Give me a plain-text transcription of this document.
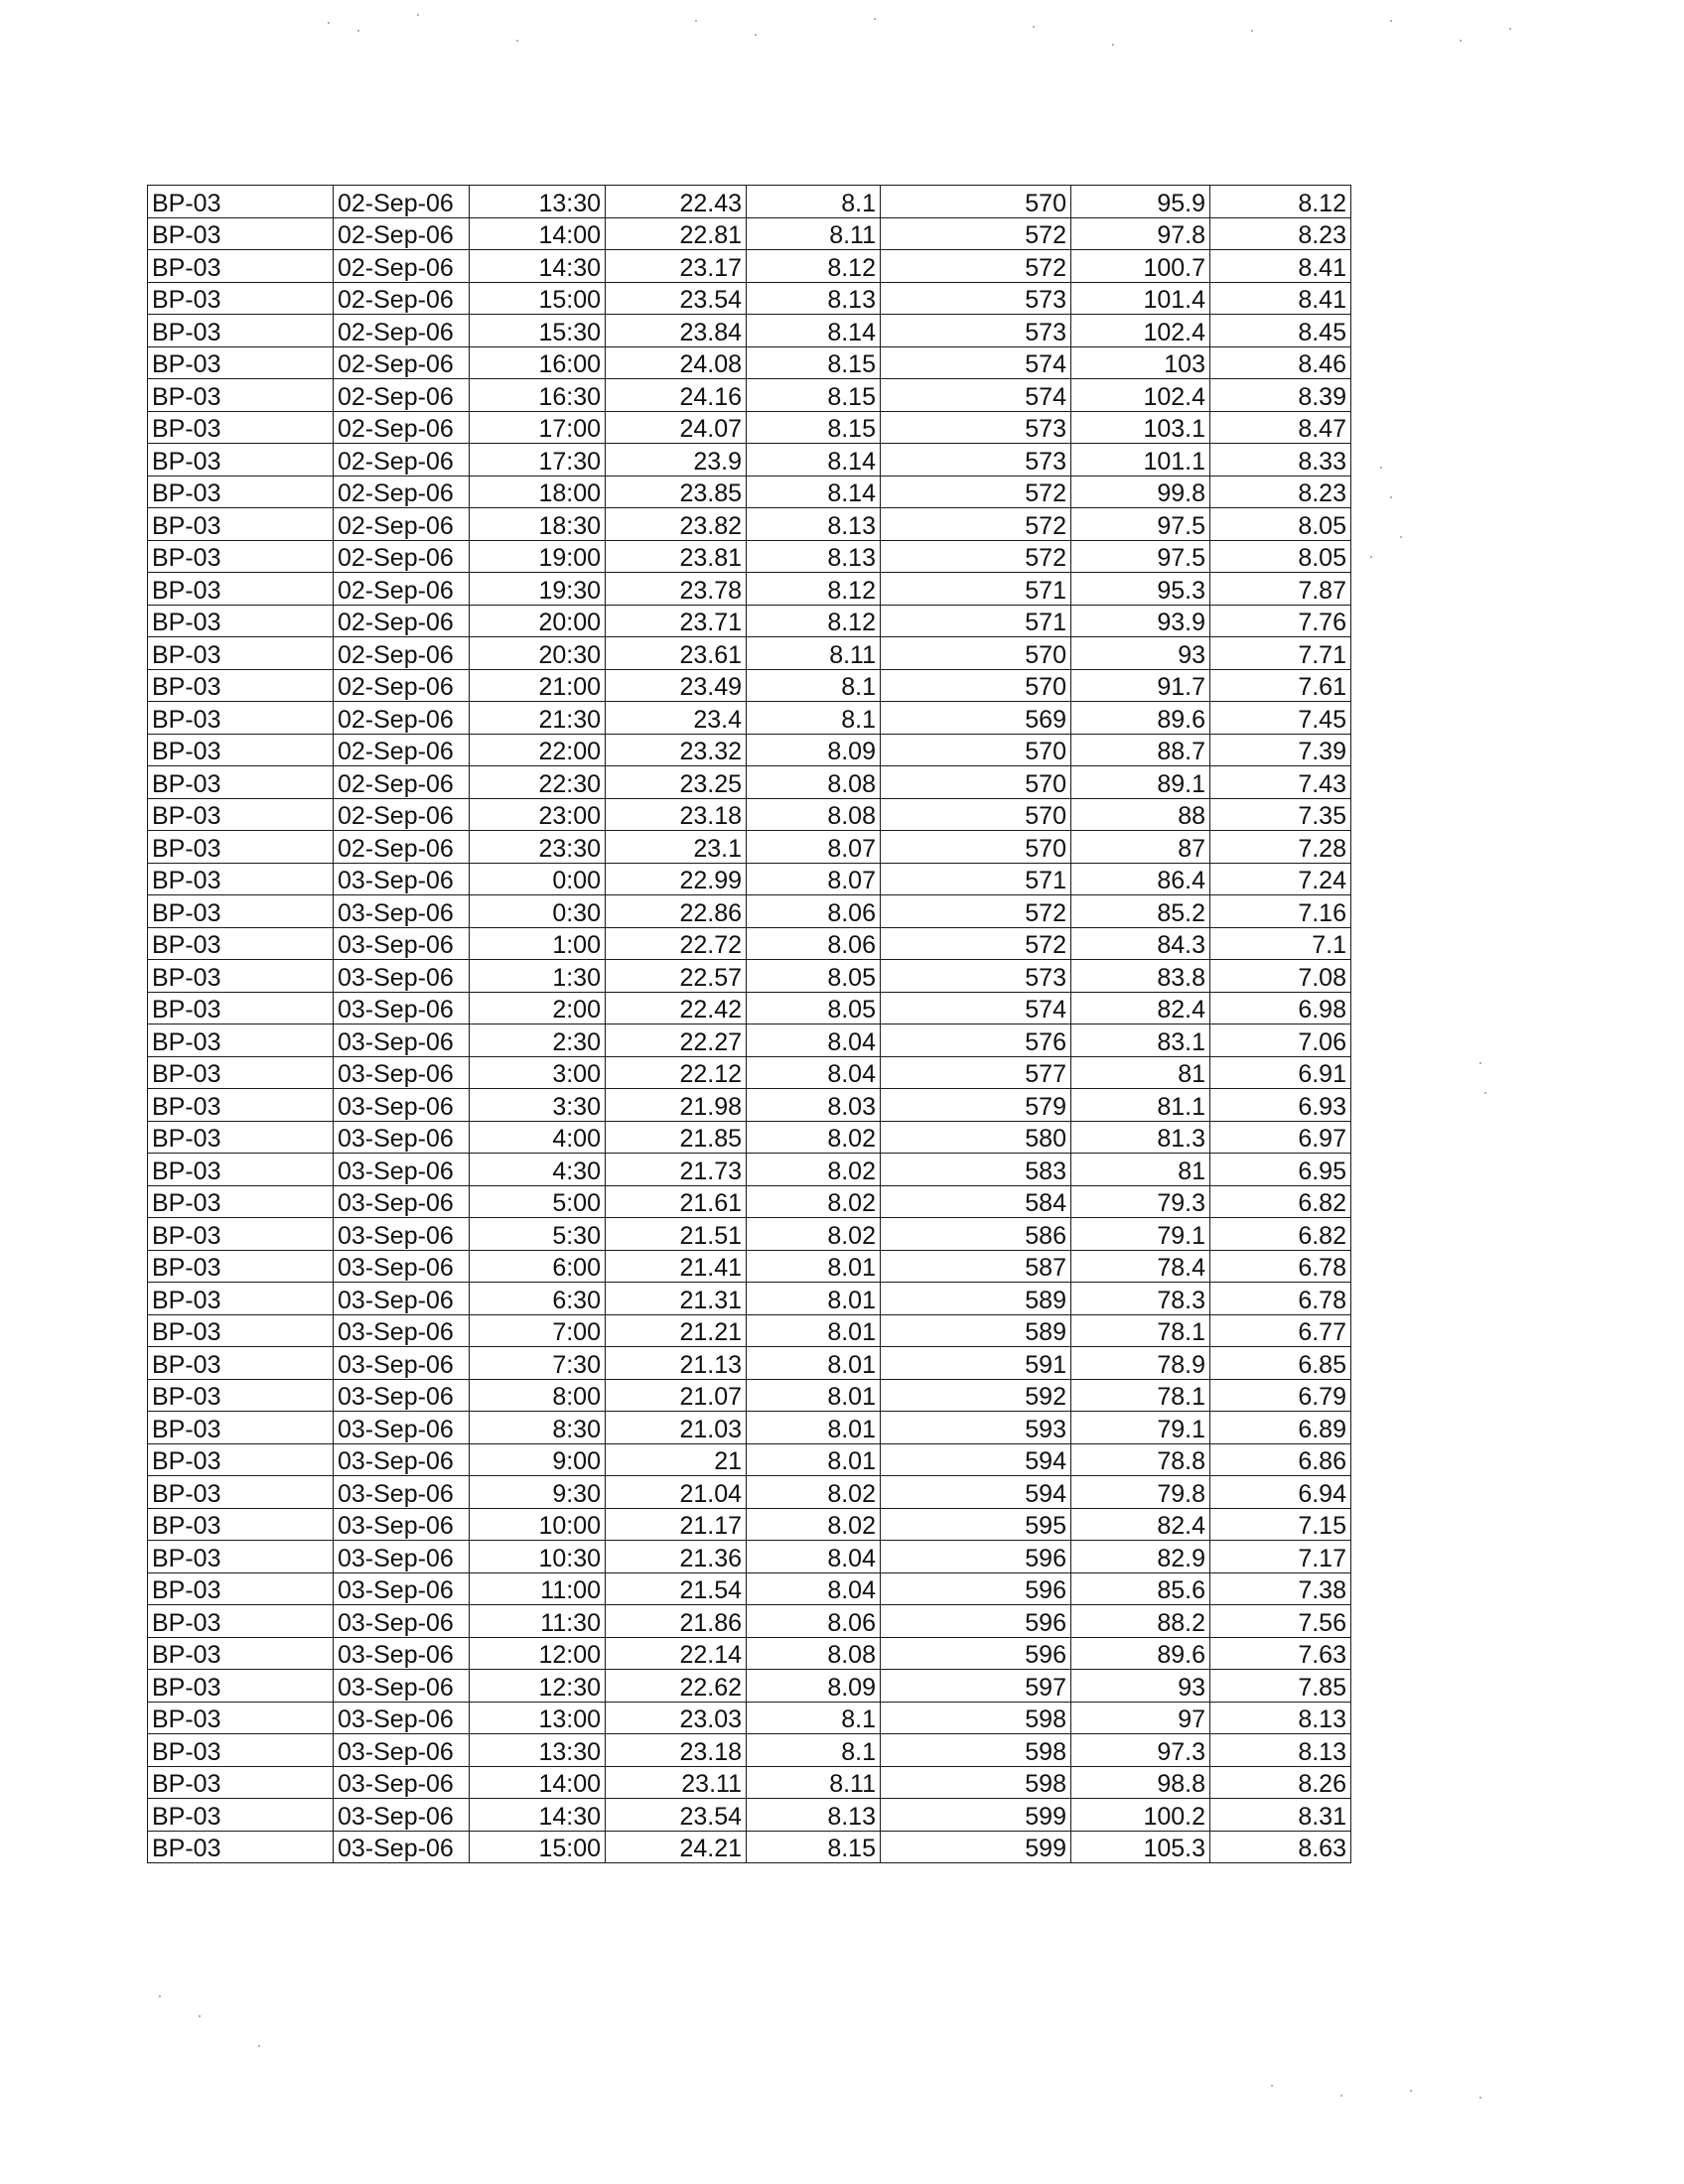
BP-03	02-Sep-06	13:30	22.43	8.1	570	95.9	8.12
BP-03	02-Sep-06	14:00	22.81	8.11	572	97.8	8.23
BP-03	02-Sep-06	14:30	23.17	8.12	572	100.7	8.41
BP-03	02-Sep-06	15:00	23.54	8.13	573	101.4	8.41
BP-03	02-Sep-06	15:30	23.84	8.14	573	102.4	8.45
BP-03	02-Sep-06	16:00	24.08	8.15	574	103	8.46
BP-03	02-Sep-06	16:30	24.16	8.15	574	102.4	8.39
BP-03	02-Sep-06	17:00	24.07	8.15	573	103.1	8.47
BP-03	02-Sep-06	17:30	23.9	8.14	573	101.1	8.33
BP-03	02-Sep-06	18:00	23.85	8.14	572	99.8	8.23
BP-03	02-Sep-06	18:30	23.82	8.13	572	97.5	8.05
BP-03	02-Sep-06	19:00	23.81	8.13	572	97.5	8.05
BP-03	02-Sep-06	19:30	23.78	8.12	571	95.3	7.87
BP-03	02-Sep-06	20:00	23.71	8.12	571	93.9	7.76
BP-03	02-Sep-06	20:30	23.61	8.11	570	93	7.71
BP-03	02-Sep-06	21:00	23.49	8.1	570	91.7	7.61
BP-03	02-Sep-06	21:30	23.4	8.1	569	89.6	7.45
BP-03	02-Sep-06	22:00	23.32	8.09	570	88.7	7.39
BP-03	02-Sep-06	22:30	23.25	8.08	570	89.1	7.43
BP-03	02-Sep-06	23:00	23.18	8.08	570	88	7.35
BP-03	02-Sep-06	23:30	23.1	8.07	570	87	7.28
BP-03	03-Sep-06	0:00	22.99	8.07	571	86.4	7.24
BP-03	03-Sep-06	0:30	22.86	8.06	572	85.2	7.16
BP-03	03-Sep-06	1:00	22.72	8.06	572	84.3	7.1
BP-03	03-Sep-06	1:30	22.57	8.05	573	83.8	7.08
BP-03	03-Sep-06	2:00	22.42	8.05	574	82.4	6.98
BP-03	03-Sep-06	2:30	22.27	8.04	576	83.1	7.06
BP-03	03-Sep-06	3:00	22.12	8.04	577	81	6.91
BP-03	03-Sep-06	3:30	21.98	8.03	579	81.1	6.93
BP-03	03-Sep-06	4:00	21.85	8.02	580	81.3	6.97
BP-03	03-Sep-06	4:30	21.73	8.02	583	81	6.95
BP-03	03-Sep-06	5:00	21.61	8.02	584	79.3	6.82
BP-03	03-Sep-06	5:30	21.51	8.02	586	79.1	6.82
BP-03	03-Sep-06	6:00	21.41	8.01	587	78.4	6.78
BP-03	03-Sep-06	6:30	21.31	8.01	589	78.3	6.78
BP-03	03-Sep-06	7:00	21.21	8.01	589	78.1	6.77
BP-03	03-Sep-06	7:30	21.13	8.01	591	78.9	6.85
BP-03	03-Sep-06	8:00	21.07	8.01	592	78.1	6.79
BP-03	03-Sep-06	8:30	21.03	8.01	593	79.1	6.89
BP-03	03-Sep-06	9:00	21	8.01	594	78.8	6.86
BP-03	03-Sep-06	9:30	21.04	8.02	594	79.8	6.94
BP-03	03-Sep-06	10:00	21.17	8.02	595	82.4	7.15
BP-03	03-Sep-06	10:30	21.36	8.04	596	82.9	7.17
BP-03	03-Sep-06	11:00	21.54	8.04	596	85.6	7.38
BP-03	03-Sep-06	11:30	21.86	8.06	596	88.2	7.56
BP-03	03-Sep-06	12:00	22.14	8.08	596	89.6	7.63
BP-03	03-Sep-06	12:30	22.62	8.09	597	93	7.85
BP-03	03-Sep-06	13:00	23.03	8.1	598	97	8.13
BP-03	03-Sep-06	13:30	23.18	8.1	598	97.3	8.13
BP-03	03-Sep-06	14:00	23.11	8.11	598	98.8	8.26
BP-03	03-Sep-06	14:30	23.54	8.13	599	100.2	8.31
BP-03	03-Sep-06	15:00	24.21	8.15	599	105.3	8.63
